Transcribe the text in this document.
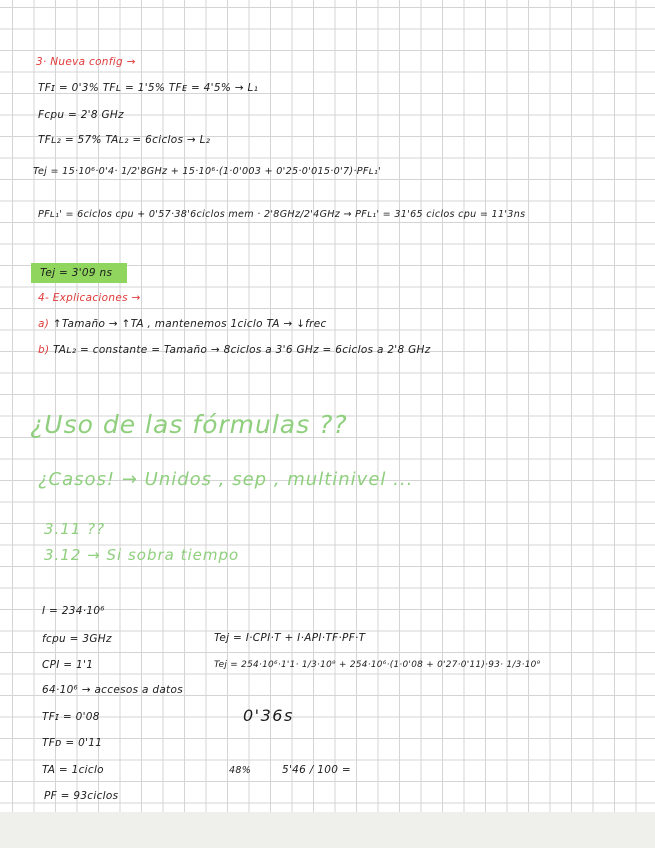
3· Nueva config →
TFɪ = 0'3% TFʟ = 1'5% TFᴇ = 4'5% → L₁
Fcpu = 2'8 GHz
TFʟ₂ = 57% TAʟ₂ = 6ciclos → L₂
Tej = 15·10⁶·0'4· 1/2'8GHz + 15·10⁶·(1·0'003 + 0'25·0'015·0'7)·PFʟ₁'
PFʟ₁' = 6ciclos cpu + 0'57·38'6ciclos mem · 2'8GHz/2'4GHz → PFʟ₁' = 31'65 ciclos cpu = 11'3ns
Tej = 3'09 ns
4- Explicaciones →
a) ↑Tamaño → ↑TA , mantenemos 1ciclo TA → ↓frec
b) TAʟ₂ = constante = Tamaño → 8ciclos a 3'6 GHz = 6ciclos a 2'8 GHz
¿Uso de las fórmulas ??
¿Casos! → Unidos , sep , multinivel ...
3.11 ??
3.12 → Si sobra tiempo
I = 234·10⁶
fcpu = 3GHz
CPI = 1'1
64·10⁶ → accesos a datos
TFɪ = 0'08
TFᴅ = 0'11
TA = 1ciclo
PF = 93ciclos
Tej = I·CPI·T + I·API·TF·PF·T
Tej = 254·10⁶·1'1· 1/3·10⁹ + 254·10⁶·(1·0'08 + 0'27·0'11)·93· 1/3·10⁹
0'36s
48%	5'46 / 100 =
